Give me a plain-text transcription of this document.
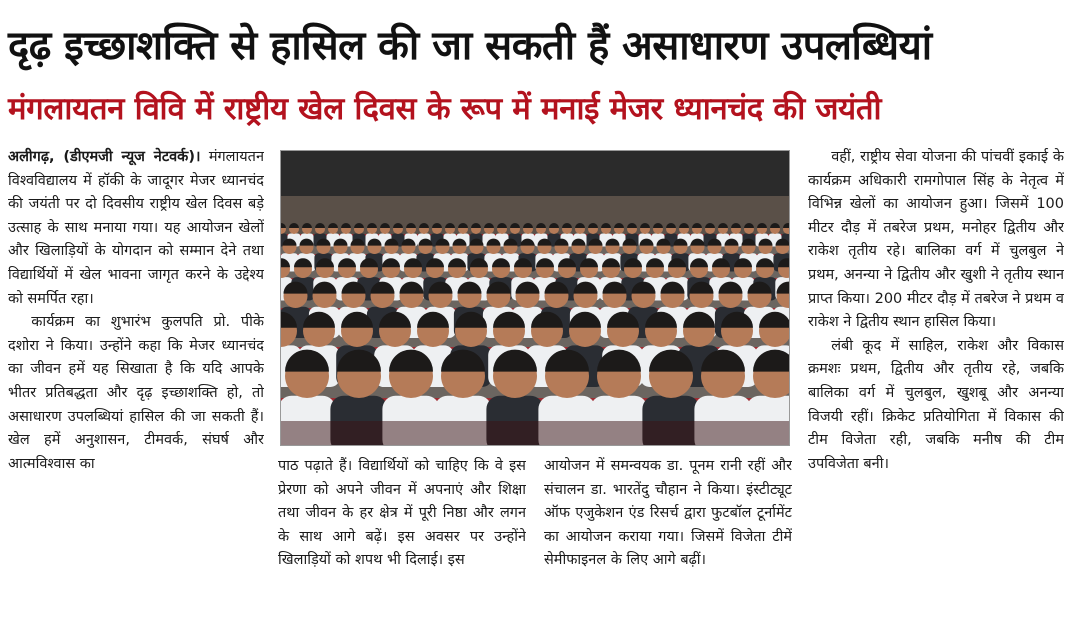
दृढ़ इच्छाशक्ति से हासिल की जा सकती हैं असाधारण उपलब्धियां
मंगलायतन विवि में राष्ट्रीय खेल दिवस के रूप में मनाई मेजर ध्यानचंद की जयंती

अलीगढ़, (डीएमजी न्यूज नेटवर्क)। मंगलायतन विश्वविद्यालय में हॉकी के जादूगर मेजर ध्यानचंद की जयंती पर दो दिवसीय राष्ट्रीय खेल दिवस बड़े उत्साह के साथ मनाया गया। यह आयोजन खेलों और खिलाड़ियों के योगदान को सम्मान देने तथा विद्यार्थियों में खेल भावना जागृत करने के उद्देश्य को समर्पित रहा।

कार्यक्रम का शुभारंभ कुलपति प्रो. पीके दशोरा ने किया। उन्होंने कहा कि मेजर ध्यानचंद का जीवन हमें यह सिखाता है कि यदि आपके भीतर प्रतिबद्धता और दृढ़ इच्छाशक्ति हो, तो असाधारण उपलब्धियां हासिल की जा सकती हैं। खेल हमें अनुशासन, टीमवर्क, संघर्ष और आत्मविश्वास का	पाठ पढ़ाते हैं। विद्यार्थियों को चाहिए कि वे इस प्रेरणा को अपने जीवन में अपनाएं और शिक्षा तथा जीवन के हर क्षेत्र में पूरी निष्ठा और लगन के साथ आगे बढ़ें। इस अवसर पर उन्होंने खिलाड़ियों को शपथ भी दिलाई। इस

आयोजन में समन्वयक डा. पूनम रानी रहीं और संचालन डा. भारतेंदु चौहान ने किया। इंस्टीट्यूट ऑफ एजुकेशन एंड रिसर्च द्वारा फुटबॉल टूर्नामेंट का आयोजन कराया गया। जिसमें विजेता टीमें सेमीफाइनल के लिए आगे बढ़ीं।

वहीं, राष्ट्रीय सेवा योजना की पांचवीं इकाई के कार्यक्रम अधिकारी रामगोपाल सिंह के नेतृत्व में विभिन्न खेलों का आयोजन हुआ। जिसमें 100 मीटर दौड़ में तबरेज प्रथम, मनोहर द्वितीय और राकेश तृतीय रहे। बालिका वर्ग में चुलबुल ने प्रथम, अनन्या ने द्वितीय और खुशी ने तृतीय स्थान प्राप्त किया। 200 मीटर दौड़ में तबरेज ने प्रथम व राकेश ने द्वितीय स्थान हासिल किया।

लंबी कूद में साहिल, राकेश और विकास क्रमशः प्रथम, द्वितीय और तृतीय रहे, जबकि बालिका वर्ग में चुलबुल, खुशबू और अनन्या विजयी रहीं। क्रिकेट प्रतियोगिता में विकास की टीम विजेता रही, जबकि मनीष की टीम उपविजेता बनी।
